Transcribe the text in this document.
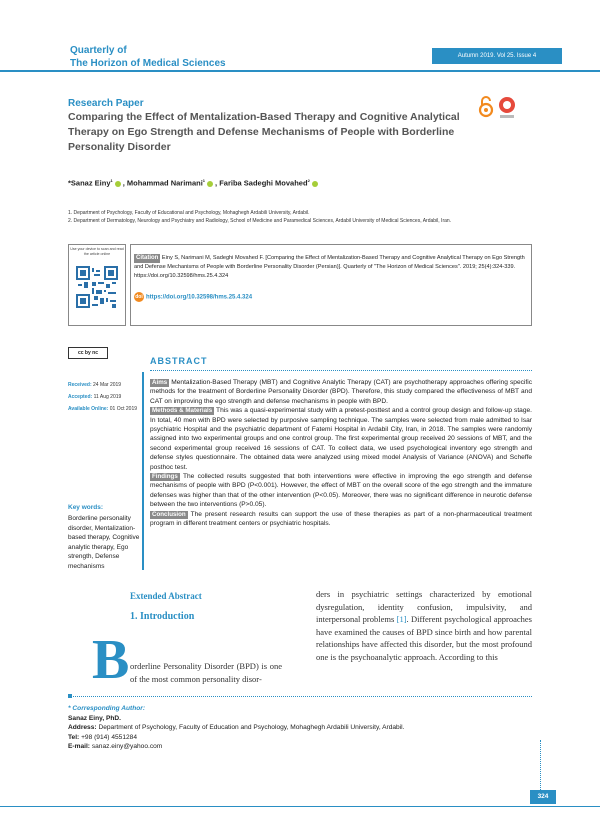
Quarterly of
The Horizon of Medical Sciences
Autumn 2019. Vol 25. Issue 4
Research Paper
Comparing the Effect of Mentalization-Based Therapy and Cognitive Analytical Therapy on Ego Strength and Defense Mechanisms of People with Borderline Personality Disorder
*Sanaz Einy$^1$ , Mohammad Narimani$^1$ , Fariba Sadeghi Movahed$^2$
1. Department of Psychology, Faculty of Educational and Psychology, Mohaghegh Ardabili University, Ardabil.
2. Department of Dermatology, Neurology and Psychiatry and Radiology, School of Medicine and Paramedical Sciences, Ardabil University of Medical Sciences, Ardabil, Iran.
Use your device to scan and read the article online
Citation Einy S, Narimani M, Sadeghi Movahed F. [Comparing the Effect of Mentalization-Based Therapy and Cognitive Analytical Therapy on Ego Strength and Defense Mechanisms of People with Borderline Personality Disorder (Persian)]. Quarterly of "The Horizon of Medical Sciences". 2019; 25(4):324-339. https://doi.org/10.32598/hms.25.4.324
doi https://doi.org/10.32598/hms.25.4.324
cc by nc
Received: 24 Mar 2019
Accepted: 11 Aug 2019
Available Online: 01 Oct 2019
Key words:
Borderline personality disorder, Mentalization-based therapy, Cognitive analytic therapy, Ego strength, Defense mechanisms
ABSTRACT
Aims Mentalization-Based Therapy (MBT) and Cognitive Analytic Therapy (CAT) are psychotherapy approaches offering specific methods for the treatment of Borderline Personality Disorder (BPD). Therefore, this study compared the effectiveness of MBT and CAT on improving the ego strength and defense mechanisms in people with BPD.
Methods & Materials This was a quasi-experimental study with a pretest-posttest and a control group design and follow-up stage. In total, 40 men with BPD were selected by purposive sampling technique. The samples were selected from male admitted to Isar psychiatric Hospital and the psychiatric department of Fatemi Hospital in Ardabil City, Iran, in 2018. The samples were randomly assigned into two experimental groups and one control group. The first experimental group received 20 sessions of MBT, and the second experimental group received 16 sessions of CAT. To collect data, we used psychological inventory ego strength and defense styles questionnaire. The obtained data were analyzed using mixed model Analysis of Variance (ANOVA) and Scheffe posthoc test.
Findings The collected results suggested that both interventions were effective in improving the ego strength and defense mechanisms of people with BPD (P<0.001). However, the effect of MBT on the overall score of the ego strength and the immature defenses was higher than that of the other intervention (P<0.05). Moreover, there was no significant difference in neurotic defense between the two interventions (P>0.05).
Conclusion The present research results can support the use of these therapies as part of a non-pharmaceutical treatment program in different treatment centers or psychiatric hospitals.
Extended Abstract
1. Introduction
B orderline Personality Disorder (BPD) is one of the most common personality disor-
ders in psychiatric settings characterized by emotional dysregulation, identity confusion, impulsivity, and interpersonal problems [1]. Different psychological approaches have examined the causes of BPD since birth and how parental relationships have affected this disorder, but the most profound one is the psychoanalytic approach. According to this
* Corresponding Author:
Sanaz Einy, PhD.
Address: Department of Psychology, Faculty of Education and Psychology, Mohaghegh Ardabili University, Ardabil.
Tel: +98 (914) 4551284
E-mail: sanaz.einy@yahoo.com
324
